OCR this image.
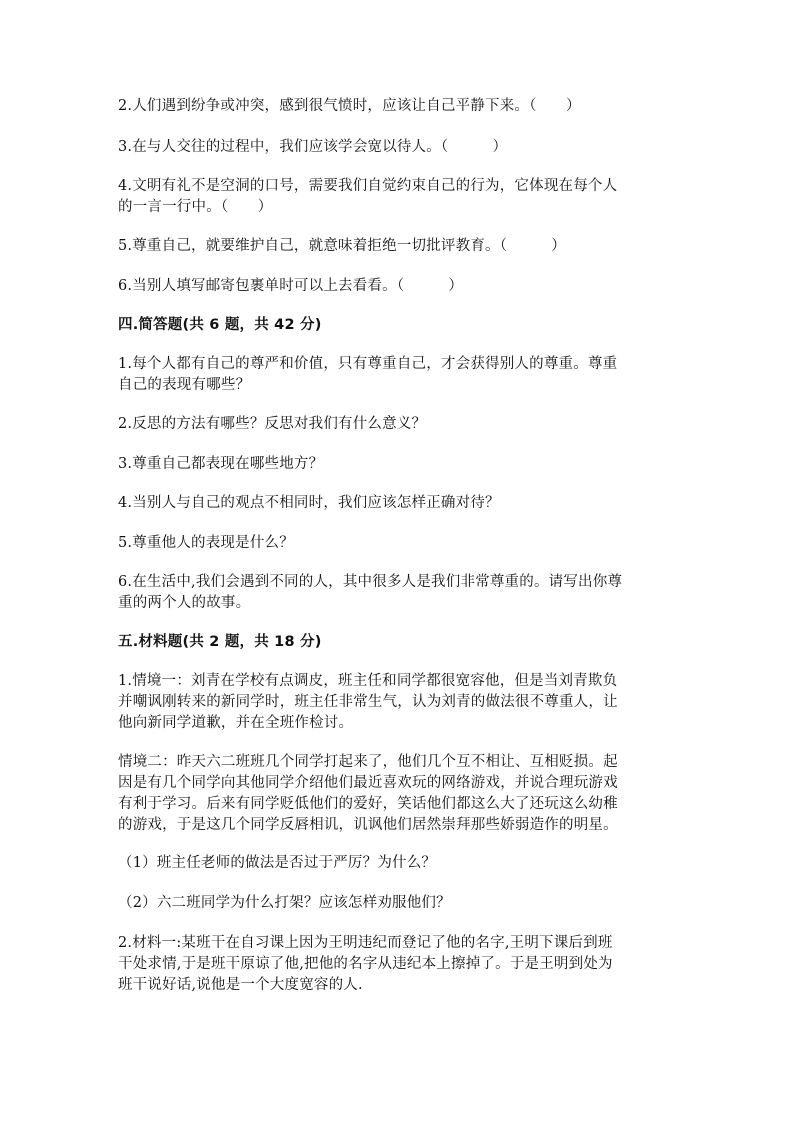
2.人们遇到纷争或冲突，感到很气愤时，应该让自己平静下来。（　　）
3.在与人交往的过程中，我们应该学会宽以待人。（　　　）
4.文明有礼不是空洞的口号，需要我们自觉约束自己的行为，它体现在每个人
的一言一行中。（　　）
5.尊重自己，就要维护自己，就意味着拒绝一切批评教育。（　　　）
6.当别人填写邮寄包裹单时可以上去看看。（　　　）
四.简答题(共 6 题，共 42 分)
1.每个人都有自己的尊严和价值，只有尊重自己，才会获得别人的尊重。尊重
自己的表现有哪些？
2.反思的方法有哪些？反思对我们有什么意义？
3.尊重自己都表现在哪些地方？
4.当别人与自己的观点不相同时，我们应该怎样正确对待？
5.尊重他人的表现是什么？
6.在生活中,我们会遇到不同的人，其中很多人是我们非常尊重的。请写出你尊
重的两个人的故事。
五.材料题(共 2 题，共 18 分)
1.情境一：刘青在学校有点调皮，班主任和同学都很宽容他，但是当刘青欺负
并嘲讽刚转来的新同学时，班主任非常生气，认为刘青的做法很不尊重人，让
他向新同学道歉，并在全班作检讨。
情境二：昨天六二班班几个同学打起来了，他们几个互不相让、互相贬损。起
因是有几个同学向其他同学介绍他们最近喜欢玩的网络游戏，并说合理玩游戏
有利于学习。后来有同学贬低他们的爱好，笑话他们都这么大了还玩这么幼稚
的游戏，于是这几个同学反唇相讥，讥讽他们居然崇拜那些娇弱造作的明星。
（1）班主任老师的做法是否过于严厉？为什么？
（2）六二班同学为什么打架？应该怎样劝服他们？
2.材料一:某班干在自习课上因为王明违纪而登记了他的名字,王明下课后到班
干处求情,于是班干原谅了他,把他的名字从违纪本上擦掉了。于是王明到处为
班干说好话,说他是一个大度宽容的人.
